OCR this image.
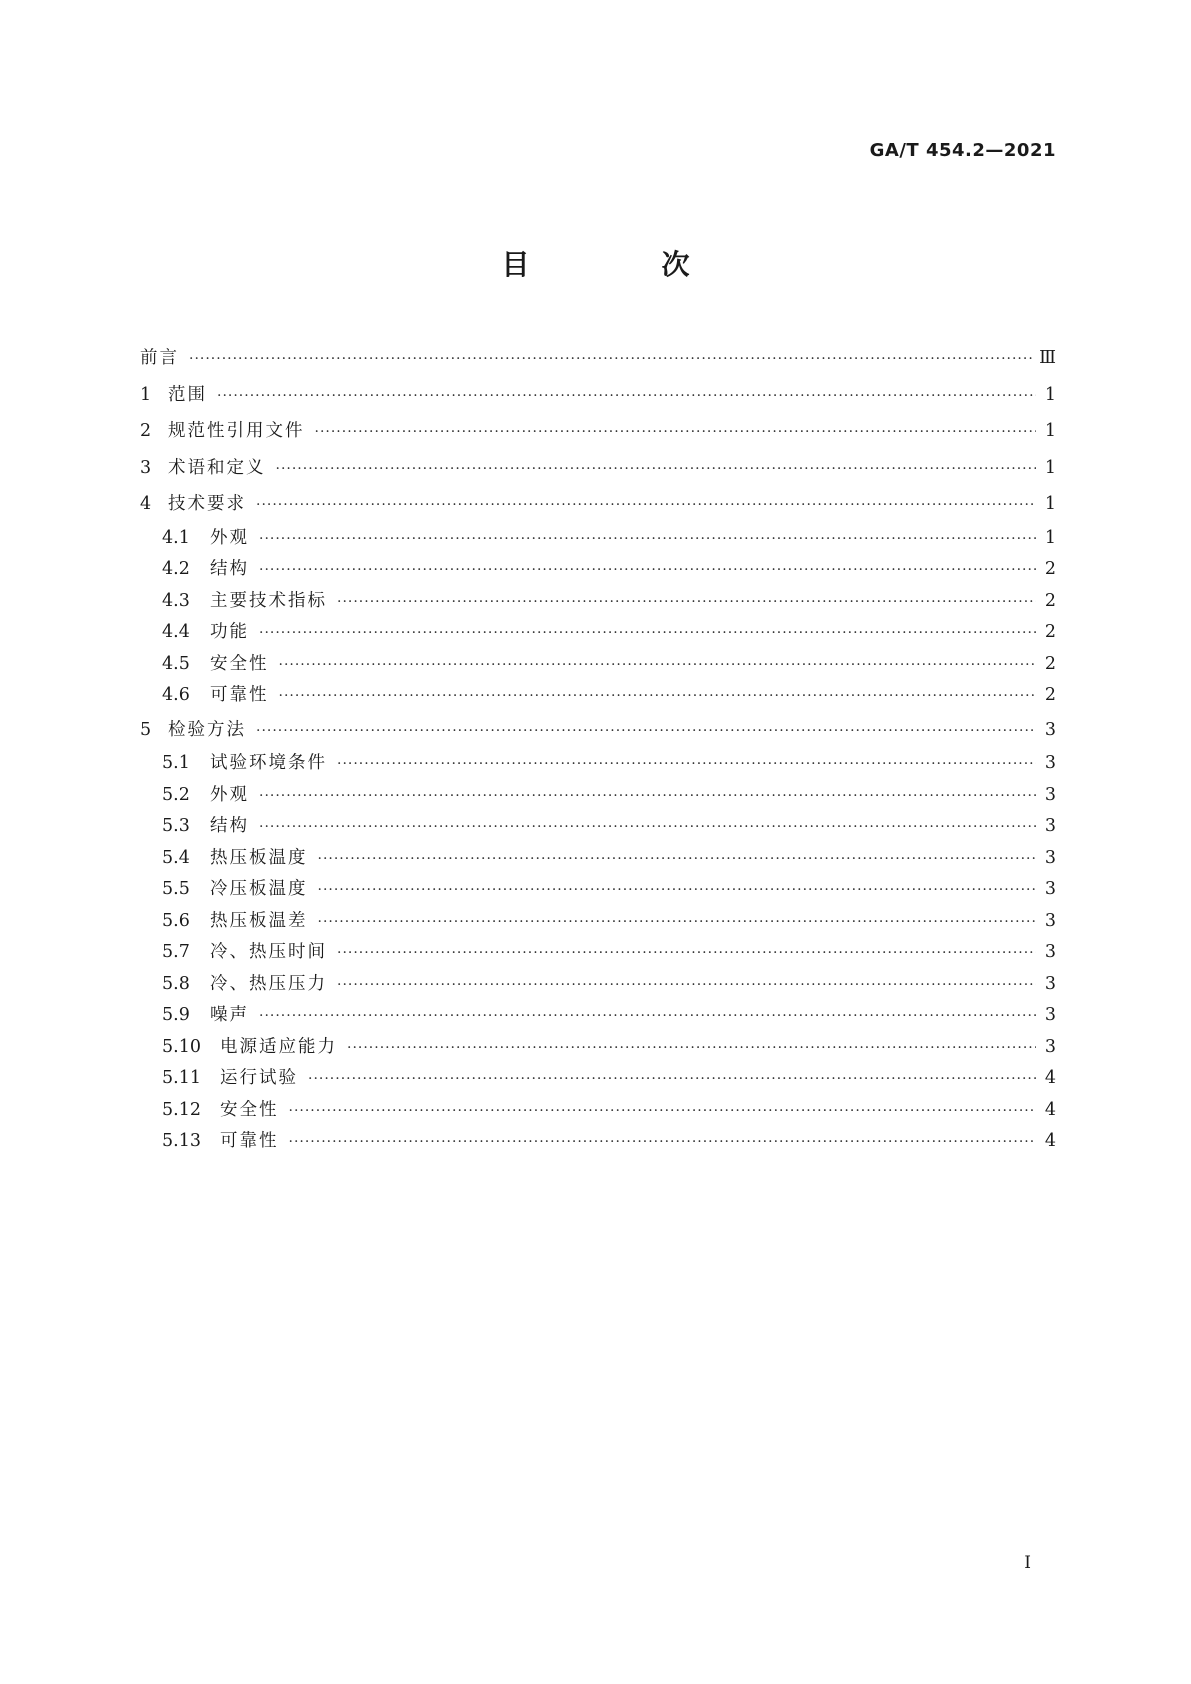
GA/T 454.2—2021
目　次
前言 ·····	Ⅲ
1 范围 ·····	1
2 规范性引用文件 ·····	1
3 术语和定义 ·····	1
4 技术要求 ·····	1
4.1	外观 ·····	1
4.2	结构 ·····	2
4.3	主要技术指标 ·····	2
4.4	功能 ·····	2
4.5	安全性 ·····	2
4.6	可靠性 ·····	2
5 检验方法 ·····	3
5.1	试验环境条件 ·····	3
5.2	外观 ·····	3
5.3	结构 ·····	3
5.4	热压板温度 ·····	3
5.5	冷压板温度 ·····	3
5.6	热压板温差 ·····	3
5.7	冷、热压时间 ·····	3
5.8	冷、热压压力 ·····	3
5.9	噪声 ·····	3
5.10	电源适应能力 ·····	3
5.11	运行试验 ·····	4
5.12	安全性 ·····	4
5.13	可靠性 ·····	4
Ⅰ
